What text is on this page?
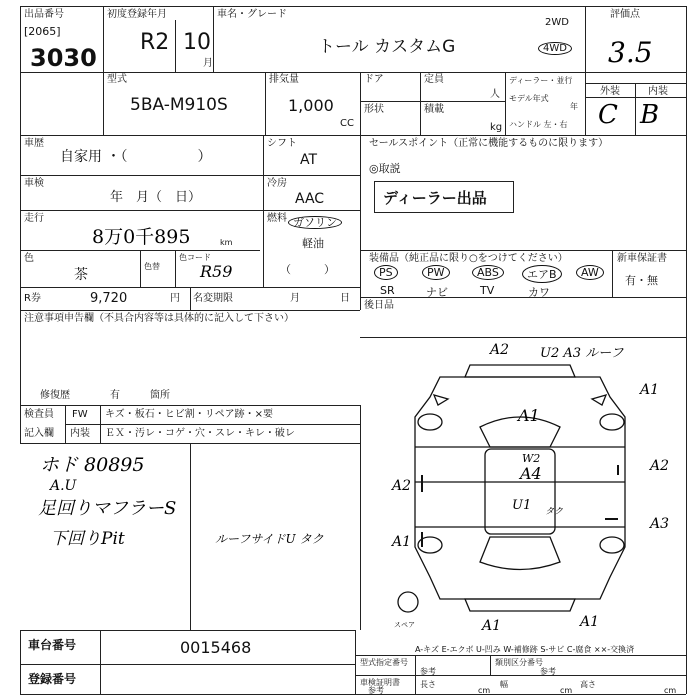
出品番号
[2065]
3030
初度登録年月
R2 10
月
車名・グレード
トール カスタムG
2WD
4WD
評価点
3.5
外装	内装
C B
型式
5BA-M910S
排気量
1,000
CC
ドア	定員
人
形状	積載
kg
ディーラー・並行
モデル年式
年
ハンドル 左・右
車歴
自家用 ・（　　　　　）
シフト
AT
車検
年　月（　日）
冷房
AAC
走行
8万0千895	km
燃料 ガソリン
軽油
（　　　）
色
茶
色替
色コード
R59
R券	9,720	円 名変期限	月	日
セールスポイント（正常に機能するものに限ります）
◎取説
ディーラー出品
装備品（純正品に限り○をつけてください）	新車保証書
有・無
PS	PW	ABS	エアB	AW
SR	ナビ	TV	カワ
後日品
注意事項申告欄（不具合内容等は具体的に記入して下さい）
修復歴	有	箇所
検査員
記入欄
FW
内装
キズ・板石・ヒビ割・リペア跡・×要
ＥＸ・汚レ・コゲ・穴・スレ・キレ・破レ
ホド 80895
A.U
足回りマフラーS
下回りPit	ルーフサイドU タク
スペア
A2 U2 A3 ルーフ
A1
A1
W2
A4	A2
A2
U1 タク
A3
A1
A1	A1
A-キズ E-エクボ U-凹み W-補修跡 S-サビ C-腐食 ××-交換済
車台番号	0015468
登録番号
型式指定番号
参考
類別区分番号
参考
車検証明書
参考
長さ
cm
幅
cm
高さ
cm
